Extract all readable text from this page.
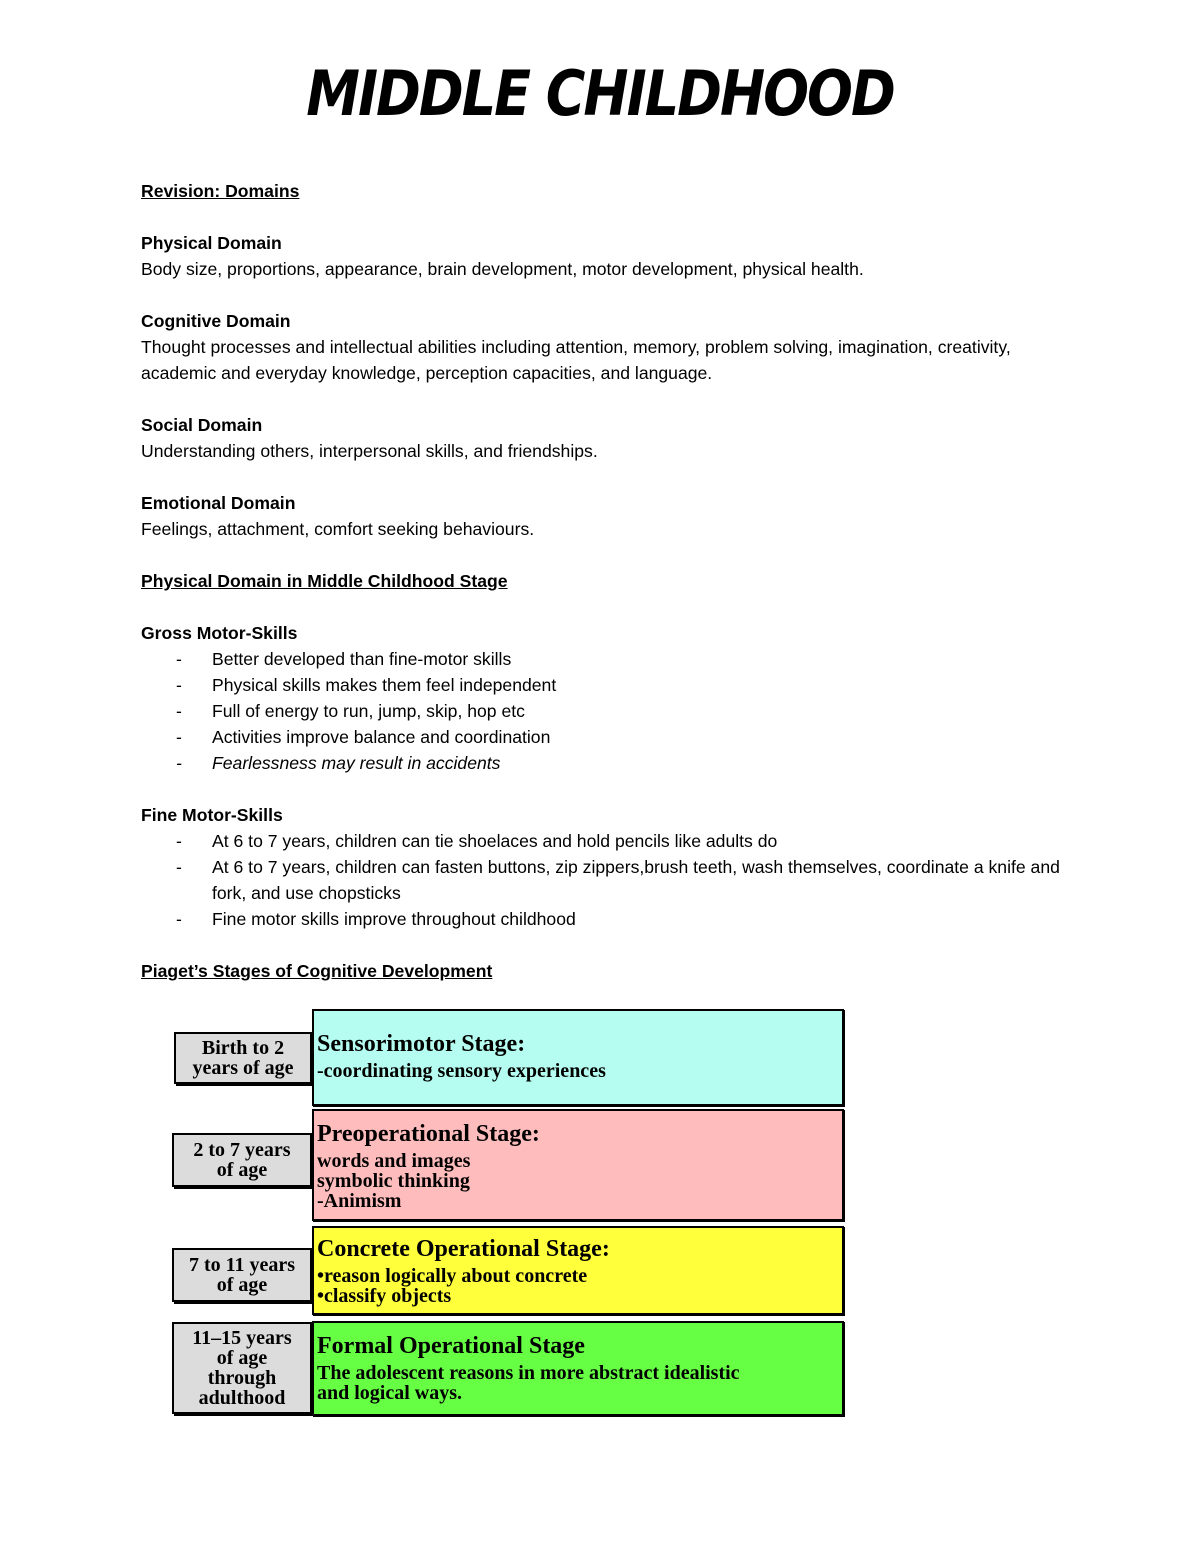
MIDDLE CHILDHOOD

Revision: Domains

Physical Domain

Body size, proportions, appearance, brain development, motor development, physical health.

Cognitive Domain

Thought processes and intellectual abilities including attention, memory, problem solving, imagination, creativity, academic and everyday knowledge, perception capacities, and language.

Social Domain

Understanding others, interpersonal skills, and friendships.

Emotional Domain

Feelings, attachment, comfort seeking behaviours.

Physical Domain in Middle Childhood Stage

Gross Motor-Skills

- Better developed than fine-motor skills
- Physical skills makes them feel independent
- Full of energy to run, jump, skip, hop etc
- Activities improve balance and coordination
- Fearlessness may result in accidents

Fine Motor-Skills

- At 6 to 7 years, children can tie shoelaces and hold pencils like adults do
- At 6 to 7 years, children can fasten buttons, zip zippers,brush teeth, wash themselves, coordinate a knife and fork, and use chopsticks
- Fine motor skills improve throughout childhood

Piaget’s Stages of Cognitive Development

Birth to 2
years of age

Sensorimotor Stage:

-coordinating sensory experiences

2 to 7 years
of age

Preoperational Stage:

words and images

symbolic thinking

-Animism

7 to 11 years
of age

Concrete Operational Stage:

•reason logically about concrete

•classify objects

11–15 years
of age
through
adulthood

Formal Operational Stage

The adolescent reasons in more abstract idealistic

and logical ways.
